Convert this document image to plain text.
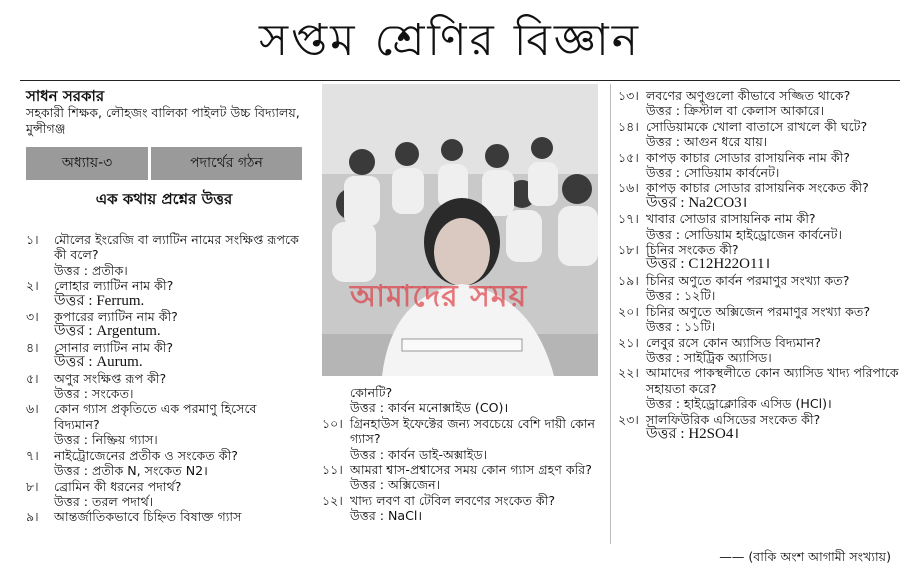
সপ্তম শ্রেণির বিজ্ঞান
সাধন সরকার
সহকারী শিক্ষক, লৌহজং বালিকা পাইলট উচ্চ বিদ্যালয়, মুন্সীগঞ্জ
অধ্যায়-৩	পদার্থের গঠন
এক কথায় প্রশ্নের উত্তর
১। মৌলের ইংরেজি বা ল্যাটিন নামের সংক্ষিপ্ত রূপকে কী বলে?
উত্তর : প্রতীক।
২। লোহার ল্যাটিন নাম কী?
উত্তর : Ferrum.
৩। কপারের ল্যাটিন নাম কী?
উত্তর : Argentum.
৪। সোনার ল্যাটিন নাম কী?
উত্তর : Aurum.
৫। অণুর সংক্ষিপ্ত রূপ কী?
উত্তর : সংকেত।
৬। কোন গ্যাস প্রকৃতিতে এক পরমাণু হিসেবে বিদ্যমান?
উত্তর : নিষ্ক্রিয় গ্যাস।
৭। নাইট্রোজেনের প্রতীক ও সংকেত কী?
উত্তর : প্রতীক N, সংকেত N2।
৮। ব্রোমিন কী ধরনের পদার্থ?
উত্তর : তরল পদার্থ।
৯। আন্তর্জাতিকভাবে চিহ্নিত বিষাক্ত গ্যাস
আমাদের সময়
কোনটি?
উত্তর : কার্বন মনোক্সাইড (CO)।
১০। গ্রিনহাউস ইফেক্টের জন্য সবচেয়ে বেশি দায়ী কোন গ্যাস?
উত্তর : কার্বন ডাই-অক্সাইড।
১১। আমরা শ্বাস-প্রশ্বাসের সময় কোন গ্যাস গ্রহণ করি?
উত্তর : অক্সিজেন।
১২। খাদ্য লবণ বা টেবিল লবণের সংকেত কী?
উত্তর : NaCl।
১৩। লবণের অণুগুলো কীভাবে সজ্জিত থাকে?
উত্তর : ক্রিস্টাল বা কেলাস আকারে।
১৪। সোডিয়ামকে খোলা বাতাসে রাখলে কী ঘটে?
উত্তর : আগুন ধরে যায়।
১৫। কাপড় কাচার সোডার রাসায়নিক নাম কী?
উত্তর : সোডিয়াম কার্বনেট।
১৬। কাপড় কাচার সোডার রাসায়নিক সংকেত কী?
উত্তর : Na2CO3।
১৭। খাবার সোডার রাসায়নিক নাম কী?
উত্তর : সোডিয়াম হাইড্রোজেন কার্বনেট।
১৮। চিনির সংকেত কী?
উত্তর : C12H22O11।
১৯। চিনির অণুতে কার্বন পরমাণুর সংখ্যা কত?
উত্তর : ১২টি।
২০। চিনির অণুতে অক্সিজেন পরমাণুর সংখ্যা কত?
উত্তর : ১১টি।
২১। লেবুর রসে কোন অ্যাসিড বিদ্যমান?
উত্তর : সাইট্রিক অ্যাসিড।
২২। আমাদের পাকস্থলীতে কোন অ্যাসিড খাদ্য পরিপাকে সহায়তা করে?
উত্তর : হাইড্রোক্লোরিক এসিড (HCl)।
২৩। সালফিউরিক এসিডের সংকেত কী?
উত্তর : H2SO4।
—— (বাকি অংশ আগামী সংখ্যায়)
